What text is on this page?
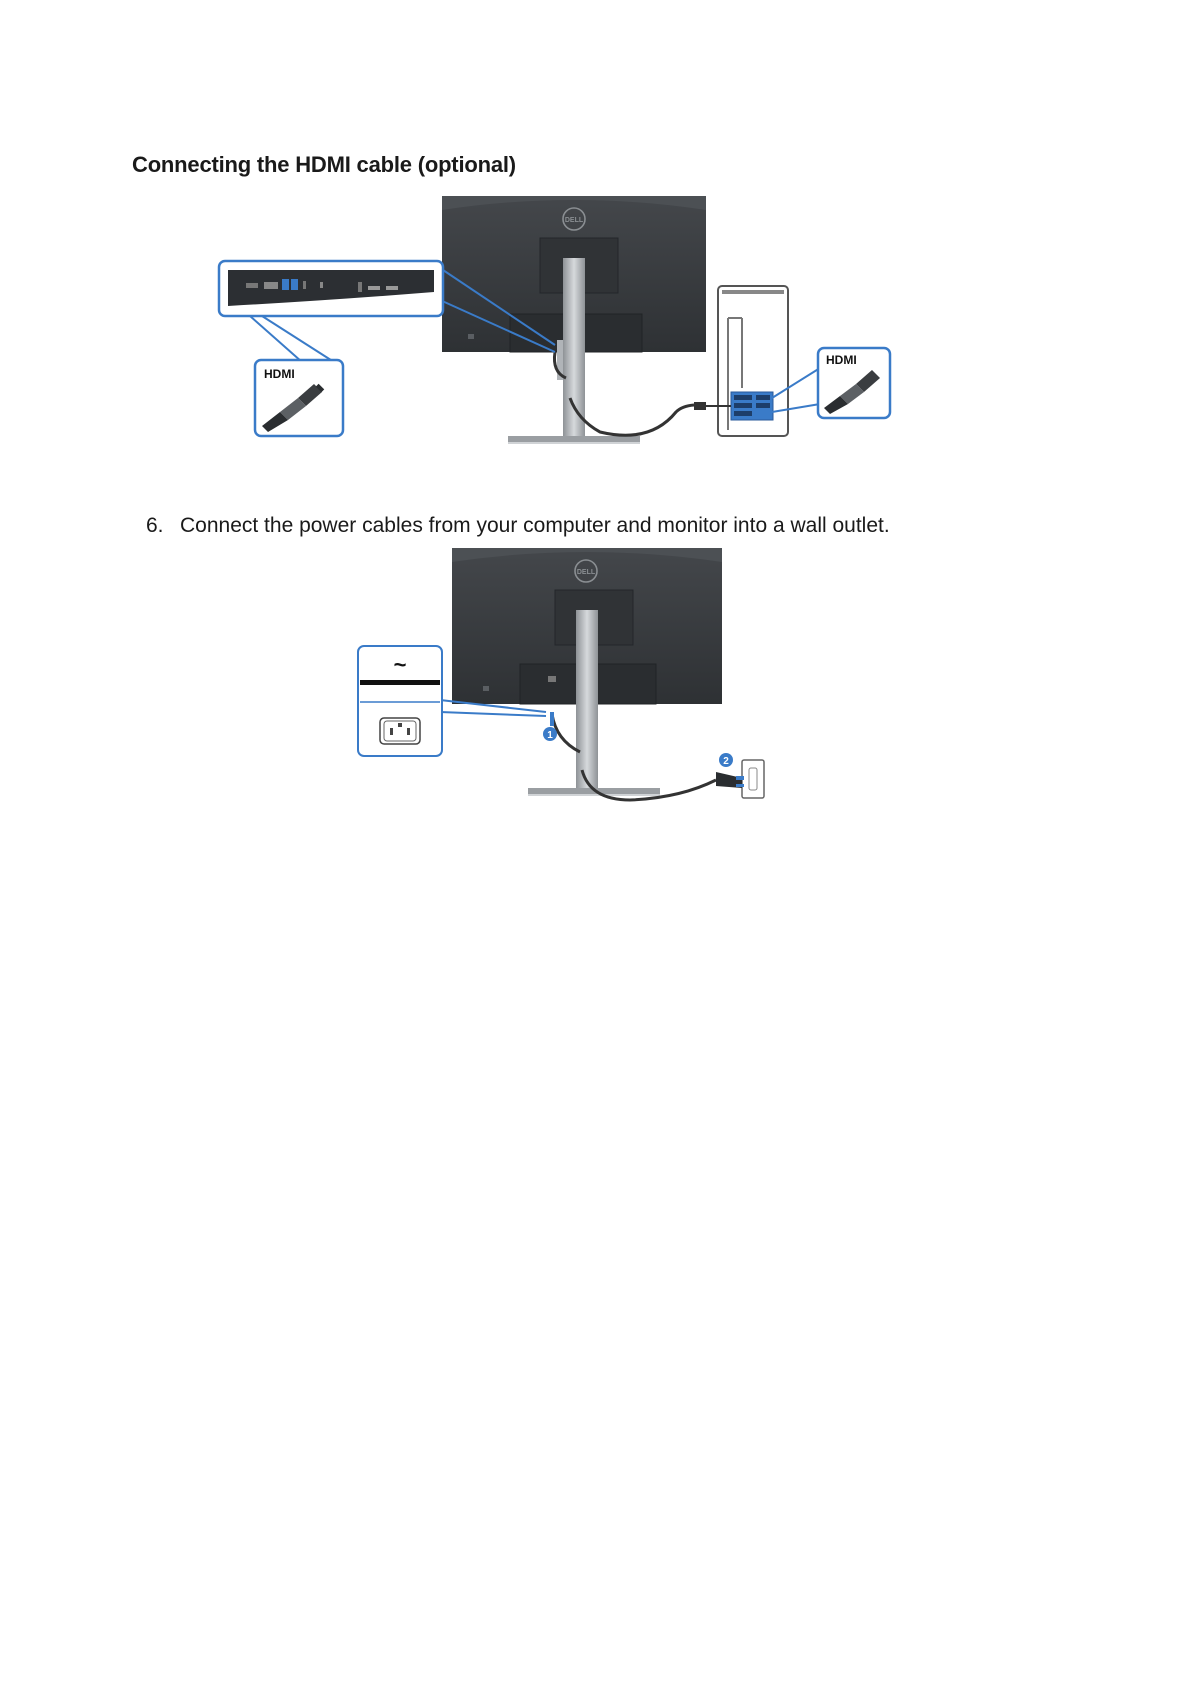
Connecting the HDMI cable (optional)

6. Connect the power cables from your computer and monitor into a wall outlet.

DELL
HDMI
HDMI
DELL
~
1
2
